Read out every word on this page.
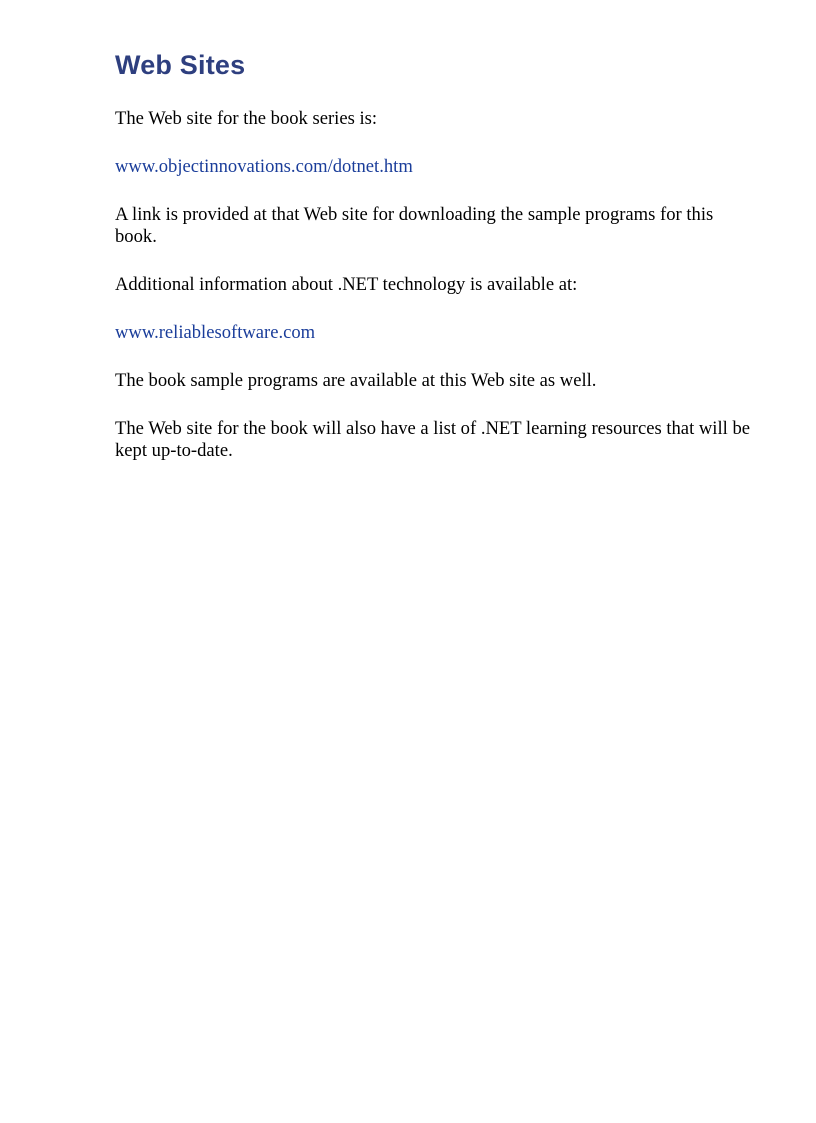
Web Sites

The Web site for the book series is:

www.objectinnovations.com/dotnet.htm

A link is provided at that Web site for downloading the sample programs for this book.

Additional information about .NET technology is available at:

www.reliablesoftware.com

The book sample programs are available at this Web site as well.

The Web site for the book will also have a list of .NET learning resources that will be kept up-to-date.
